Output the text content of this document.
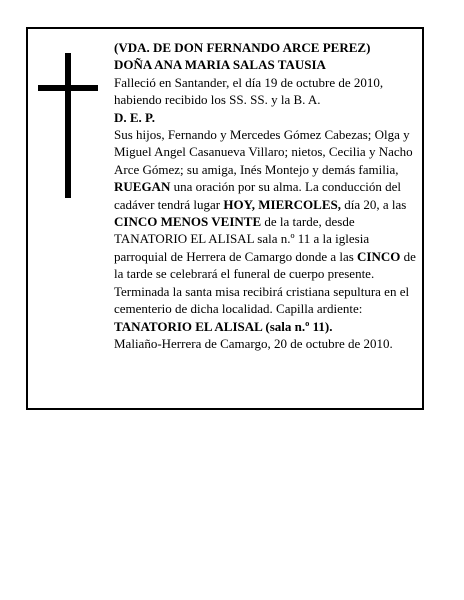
(VDA. DE DON FERNANDO ARCE PEREZ)

DOÑA ANA MARIA SALAS TAUSIA

Falleció en Santander, el día 19 de octubre de 2010, habiendo recibido los SS. SS. y la B. A.

D. E. P.

Sus hijos, Fernando y Mercedes Gómez Cabezas; Olga y Miguel Angel Casanueva Villaro; nietos, Cecilia y Nacho Arce Gómez; su amiga, Inés Montejo y demás familia,

RUEGAN una oración por su alma. La conducción del cadáver tendrá lugar HOY, MIERCOLES, día 20, a las CINCO MENOS VEINTE de la tarde, desde TANATORIO EL ALISAL sala n.º 11 a la iglesia parroquial de Herrera de Camargo donde a las CINCO de la tarde se celebrará el funeral de cuerpo presente. Terminada la santa misa recibirá cristiana sepultura en el cementerio de dicha localidad. Capilla ardiente:

TANATORIO EL ALISAL (sala n.º 11).

Maliaño-Herrera de Camargo, 20 de octubre de 2010.
